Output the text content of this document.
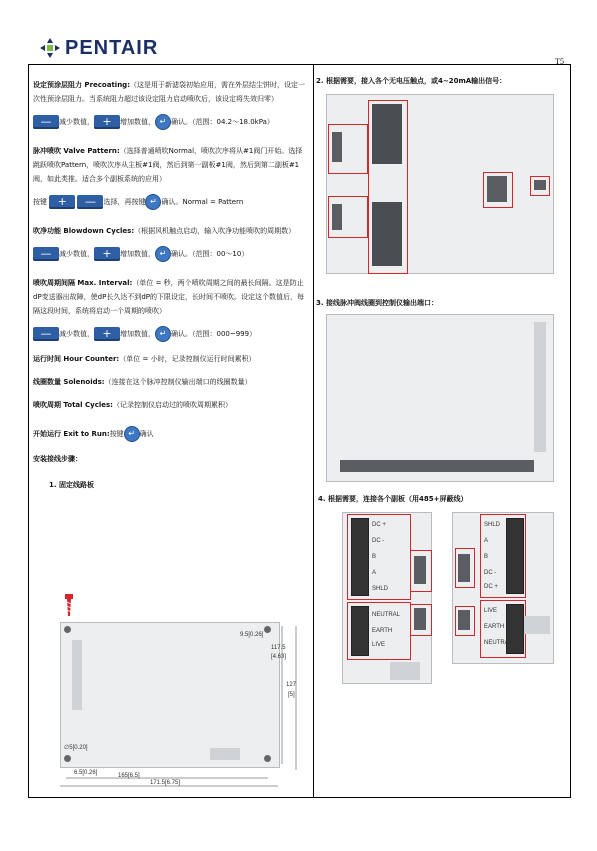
PENTAIR
T5
设定预涂层阻力 Precoating:（这是用于新滤袋初始应用，需在外层结尘饼时，设定一次性预涂层阻力。当系统阻力超过该设定阻力启动喷吹后，该设定将失效归零）
— 减少数值， + 增加数值， ↵ 确认。（范围：04.2～18.0kPa）
脉冲喷吹 Valve Pattern:（选择普通喷吹Normal，喷吹次序将从#1阀门开始。选择跳跃喷吹Pattern，喷吹次序从主板#1阀，然后到第一副板#1阀，然后到第二副板#1阀，如此类推。适合多个副板系统的应用）
按键 + — 选择，再按键 ↵ 确认。Normal = Pattern
吹净功能 Blowdown Cycles:（根据风机触点启动，输入吹净功能喷吹的周期数）
— 减少数值， + 增加数值， ↵ 确认。（范围：00～10）
喷吹周期间隔 Max. Interval:（单位 = 秒，两个喷吹周期之间的最长间隔。这是防止dP变送器出故障，使dP长久达不到dP的下限设定，长时间不喷吹。设定这个数值后，每隔这段时间，系统将启动一个周期的喷吹）
— 减少数值， + 增加数值， ↵ 确认。（范围：000~999）
运行时间 Hour Counter:（单位 = 小时，记录控制仪运行时间累积）
线圈数量 Solenoids:（连接在这个脉冲控制仪输出端口的线圈数量）
喷吹周期 Total Cycles:（记录控制仪启动过的喷吹周期累积）
开始运行 Exit to Run:按键 ↵ 确认
安装接线步骤：
1. 固定线路板
9.5[0.26]
117.5
[4.63]
127
[5]
∅5[0.20]
6.5[0.26]	165[6.5]
171.5[6.75]
2. 根据需要，接入各个无电压触点，或4~20mA输出信号：
3. 接线脉冲阀线圈到控制仪输出端口：
4. 根据需要，连接各个副板（用485+屏蔽线）
SHLD
A
B
DC -
DC +
LIVE
EARTH
NEUTRAL
SHLD
A
B
DC -
DC +
LIVE
EARTH
NEUTRAL
